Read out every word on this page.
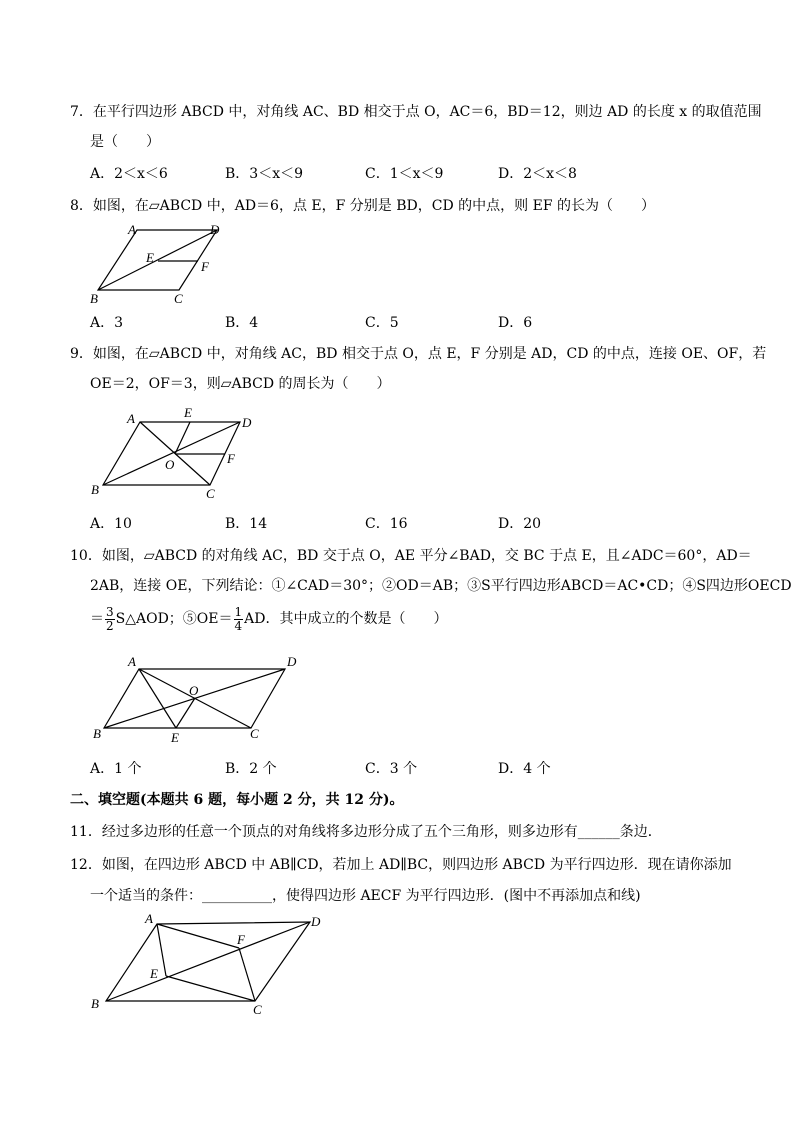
7．在平行四边形 ABCD 中，对角线 AC、BD 相交于点 O，AC＝6，BD＝12，则边 AD 的长度 x 的取值范围
是（　　）
A．2＜x＜6	B．3＜x＜9	C．1＜x＜9	D．2＜x＜8
8．如图，在▱ABCD 中，AD＝6，点 E，F 分别是 BD，CD 的中点，则 EF 的长为（　　）
A	D
E
F
B	C
A．3	B．4	C．5	D．6
9．如图，在▱ABCD 中，对角线 AC，BD 相交于点 O，点 E，F 分别是 AD，CD 的中点，连接 OE、OF，若
OE＝2，OF＝3，则▱ABCD 的周长为（　　）
E
A	D
O	F
B	C
A．10	B．14	C．16	D．20
10．如图，▱ABCD 的对角线 AC，BD 交于点 O，AE 平分∠BAD，交 BC 于点 E，且∠ADC＝60°，AD＝
2AB，连接 OE，下列结论：①∠CAD＝30°；②OD＝AB；③S平行四边形ABCD＝AC•CD；④S四边形OECD
＝ $\frac{3}{2}$ S△AOD；⑤OE＝ $\frac{1}{4}$ AD．其中成立的个数是（　　）
A	D
O
B	E	C
A．1 个	B．2 个	C．3 个	D．4 个
二、填空题(本题共 6 题，每小题 2 分，共 12 分)。
11．经过多边形的任意一个顶点的对角线将多边形分成了五个三角形，则多边形有______条边．
12．如图，在四边形 ABCD 中 AB∥CD，若加上 AD∥BC，则四边形 ABCD 为平行四边形．现在请你添加
一个适当的条件：__________，使得四边形 AECF 为平行四边形．(图中不再添加点和线)
A	D
F
E
B	C
